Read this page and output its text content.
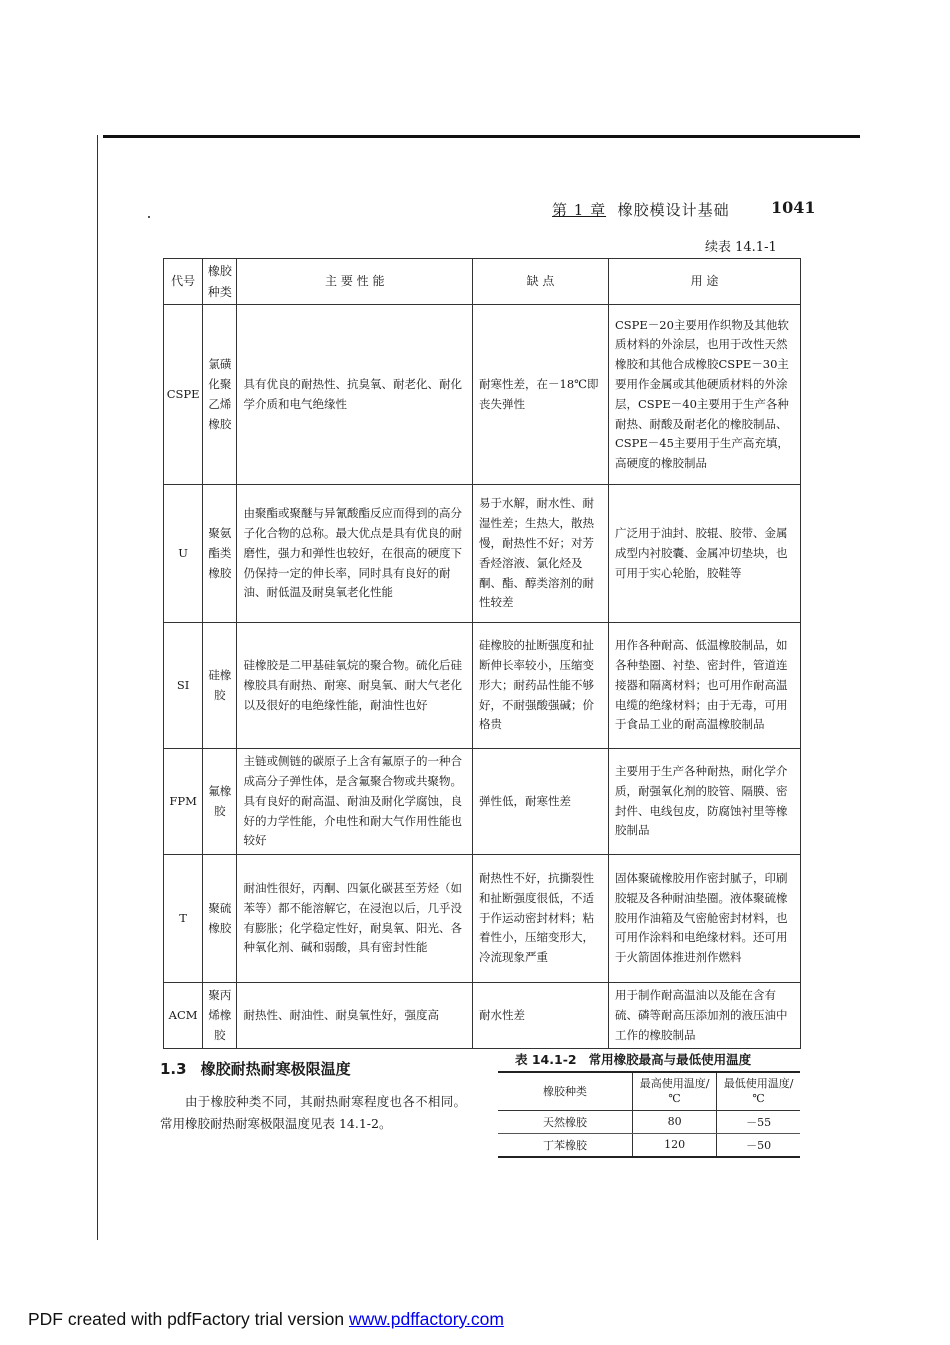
第 1 章 橡胶模设计基础	1041
续表 14.1-1
代号	橡胶种类	主 要 性 能	缺 点	用 途
CSPE	氯磺化聚乙烯橡胶	具有优良的耐热性、抗臭氧、耐老化、耐化学介质和电气绝缘性	耐寒性差，在－18℃即丧失弹性	CSPE－20主要用作织物及其他软质材料的外涂层，也用于改性天然橡胶和其他合成橡胶CSPE－30主要用作金属或其他硬质材料的外涂层，CSPE－40主要用于生产各种耐热、耐酸及耐老化的橡胶制品、CSPE－45主要用于生产高充填，高硬度的橡胶制品
U	聚氨酯类橡胶	由聚酯或聚醚与异氰酸酯反应而得到的高分子化合物的总称。最大优点是具有优良的耐磨性，强力和弹性也较好，在很高的硬度下仍保持一定的伸长率，同时具有良好的耐油、耐低温及耐臭氧老化性能	易于水解，耐水性、耐湿性差；生热大，散热慢，耐热性不好；对芳香烃溶液、氯化烃及酮、酯、醇类溶剂的耐性较差	广泛用于油封、胶辊、胶带、金属成型内衬胶囊、金属冲切垫块，也可用于实心轮胎，胶鞋等
SI	硅橡胶	硅橡胶是二甲基硅氧烷的聚合物。硫化后硅橡胶具有耐热、耐寒、耐臭氧、耐大气老化以及很好的电绝缘性能，耐油性也好	硅橡胶的扯断强度和扯断伸长率较小，压缩变形大；耐药品性能不够好，不耐强酸强碱；价格贵	用作各种耐高、低温橡胶制品，如各种垫圈、衬垫、密封件，管道连接器和隔离材料；也可用作耐高温电缆的绝缘材料；由于无毒，可用于食品工业的耐高温橡胶制品
FPM	氟橡胶	主链或侧链的碳原子上含有氟原子的一种合成高分子弹性体，是含氟聚合物或共聚物。具有良好的耐高温、耐油及耐化学腐蚀，良好的力学性能，介电性和耐大气作用性能也较好	弹性低，耐寒性差	主要用于生产各种耐热，耐化学介质，耐强氧化剂的胶管、隔膜、密封件、电线包皮，防腐蚀衬里等橡胶制品
T	聚硫橡胶	耐油性很好，丙酮、四氯化碳甚至芳烃（如苯等）都不能溶解它，在浸泡以后，几乎没有膨胀；化学稳定性好，耐臭氧、阳光、各种氧化剂、碱和弱酸，具有密封性能	耐热性不好，抗撕裂性和扯断强度很低，不适于作运动密封材料；粘着性小，压缩变形大，冷流现象严重	固体聚硫橡胶用作密封腻子，印刷胶辊及各种耐油垫圈。液体聚硫橡胶用作油箱及气密舱密封材料，也可用作涂料和电绝缘材料。还可用于火箭固体推进剂作燃料
ACM	聚丙烯橡胶	耐热性、耐油性、耐臭氧性好，强度高	耐水性差	用于制作耐高温油以及能在含有硫、磷等耐高压添加剂的液压油中工作的橡胶制品
1.3 橡胶耐热耐寒极限温度
由于橡胶种类不同，其耐热耐寒程度也各不相同。常用橡胶耐热耐寒极限温度见表 14.1-2。
表 14.1-2 常用橡胶最高与最低使用温度
橡胶种类	最高使用温度/℃	最低使用温度/℃
天然橡胶	80	－55
丁苯橡胶	120	－50
PDF created with pdfFactory trial version www.pdffactory.com
